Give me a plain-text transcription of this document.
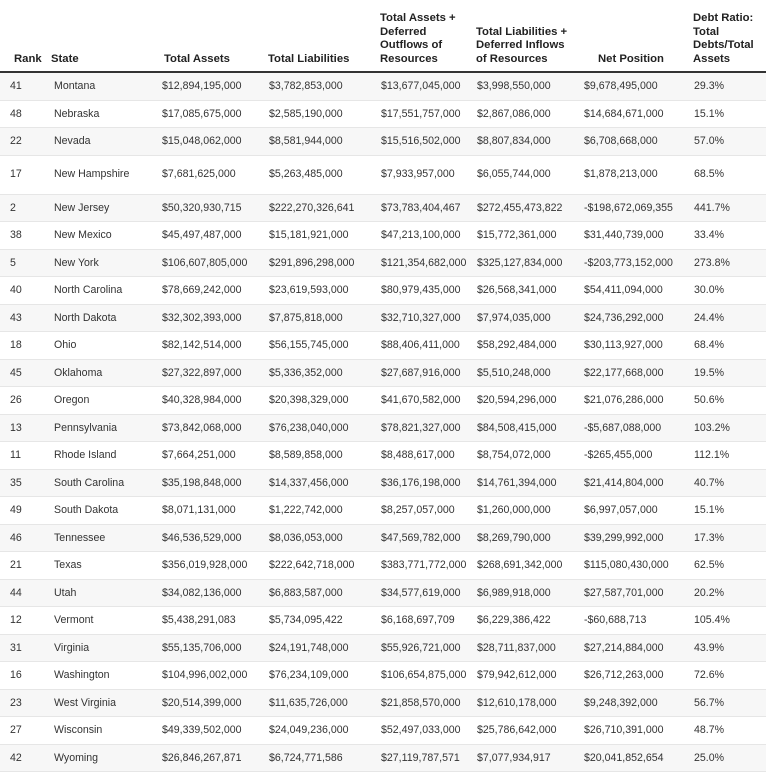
Rank	State	Total Assets	Total Liabilities	Total Assets + Deferred Outflows of Resources	Total Liabilities + Deferred Inflows of Resources	Net Position	Debt Ratio: Total Debts/Total Assets
41	Montana	$12,894,195,000	$3,782,853,000	$13,677,045,000	$3,998,550,000	$9,678,495,000	29.3%
48	Nebraska	$17,085,675,000	$2,585,190,000	$17,551,757,000	$2,867,086,000	$14,684,671,000	15.1%
22	Nevada	$15,048,062,000	$8,581,944,000	$15,516,502,000	$8,807,834,000	$6,708,668,000	57.0%
17	New Hampshire	$7,681,625,000	$5,263,485,000	$7,933,957,000	$6,055,744,000	$1,878,213,000	68.5%
2	New Jersey	$50,320,930,715	$222,270,326,641	$73,783,404,467	$272,455,473,822	-$198,672,069,355	441.7%
38	New Mexico	$45,497,487,000	$15,181,921,000	$47,213,100,000	$15,772,361,000	$31,440,739,000	33.4%
5	New York	$106,607,805,000	$291,896,298,000	$121,354,682,000	$325,127,834,000	-$203,773,152,000	273.8%
40	North Carolina	$78,669,242,000	$23,619,593,000	$80,979,435,000	$26,568,341,000	$54,411,094,000	30.0%
43	North Dakota	$32,302,393,000	$7,875,818,000	$32,710,327,000	$7,974,035,000	$24,736,292,000	24.4%
18	Ohio	$82,142,514,000	$56,155,745,000	$88,406,411,000	$58,292,484,000	$30,113,927,000	68.4%
45	Oklahoma	$27,322,897,000	$5,336,352,000	$27,687,916,000	$5,510,248,000	$22,177,668,000	19.5%
26	Oregon	$40,328,984,000	$20,398,329,000	$41,670,582,000	$20,594,296,000	$21,076,286,000	50.6%
13	Pennsylvania	$73,842,068,000	$76,238,040,000	$78,821,327,000	$84,508,415,000	-$5,687,088,000	103.2%
11	Rhode Island	$7,664,251,000	$8,589,858,000	$8,488,617,000	$8,754,072,000	-$265,455,000	112.1%
35	South Carolina	$35,198,848,000	$14,337,456,000	$36,176,198,000	$14,761,394,000	$21,414,804,000	40.7%
49	South Dakota	$8,071,131,000	$1,222,742,000	$8,257,057,000	$1,260,000,000	$6,997,057,000	15.1%
46	Tennessee	$46,536,529,000	$8,036,053,000	$47,569,782,000	$8,269,790,000	$39,299,992,000	17.3%
21	Texas	$356,019,928,000	$222,642,718,000	$383,771,772,000	$268,691,342,000	$115,080,430,000	62.5%
44	Utah	$34,082,136,000	$6,883,587,000	$34,577,619,000	$6,989,918,000	$27,587,701,000	20.2%
12	Vermont	$5,438,291,083	$5,734,095,422	$6,168,697,709	$6,229,386,422	-$60,688,713	105.4%
31	Virginia	$55,135,706,000	$24,191,748,000	$55,926,721,000	$28,711,837,000	$27,214,884,000	43.9%
16	Washington	$104,996,002,000	$76,234,109,000	$106,654,875,000	$79,942,612,000	$26,712,263,000	72.6%
23	West Virginia	$20,514,399,000	$11,635,726,000	$21,858,570,000	$12,610,178,000	$9,248,392,000	56.7%
27	Wisconsin	$49,339,502,000	$24,049,236,000	$52,497,033,000	$25,786,642,000	$26,710,391,000	48.7%
42	Wyoming	$26,846,267,871	$6,724,771,586	$27,119,787,571	$7,077,934,917	$20,041,852,654	25.0%
